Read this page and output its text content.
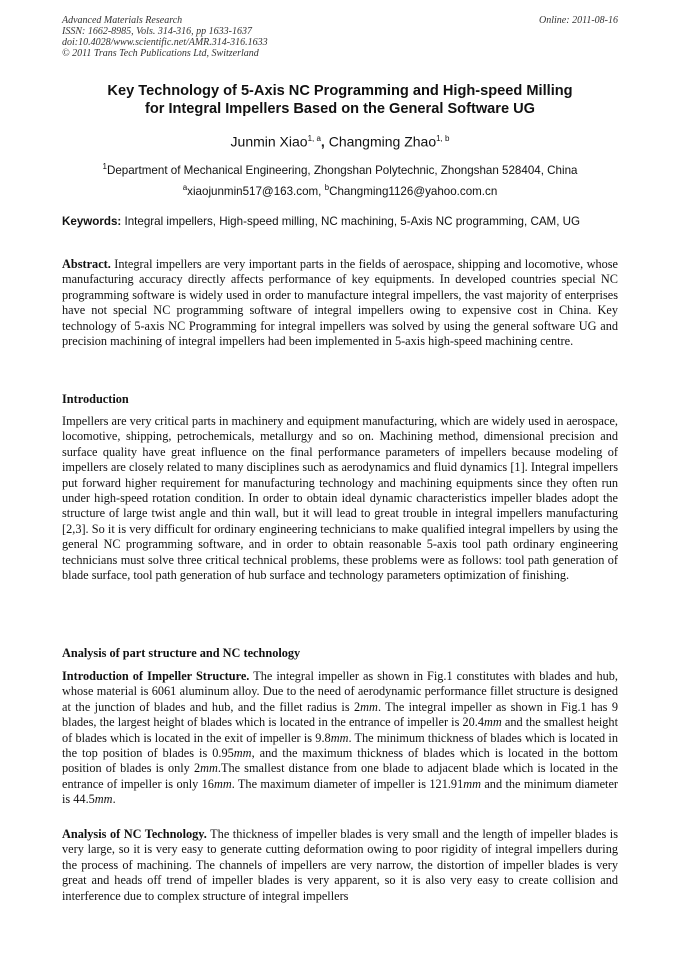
Advanced Materials Research
ISSN: 1662-8985, Vols. 314-316, pp 1633-1637
doi:10.4028/www.scientific.net/AMR.314-316.1633
© 2011 Trans Tech Publications Ltd, Switzerland
Online: 2011-08-16
Key Technology of 5-Axis NC Programming and High-speed Milling
for Integral Impellers Based on the General Software UG
Junmin Xiao$^{1, a}$, Changming Zhao$^{1, b}$
$^1$Department of Mechanical Engineering, Zhongshan Polytechnic, Zhongshan 528404, China
$^a$xiaojunmin517@163.com, $^b$Changming1126@yahoo.com.cn
Keywords: Integral impellers, High-speed milling, NC machining, 5-Axis NC programming, CAM, UG
Abstract. Integral impellers are very important parts in the fields of aerospace, shipping and locomotive, whose manufacturing accuracy directly affects performance of key equipments. In developed countries special NC programming software is widely used in order to manufacture integral impellers, the vast majority of enterprises have not special NC programming software of integral impellers owing to expensive cost in China. Key technology of 5-axis NC Programming for integral impellers was solved by using the general software UG and precision machining of integral impellers had been implemented in 5-axis high-speed machining centre.
Introduction
Impellers are very critical parts in machinery and equipment manufacturing, which are widely used in aerospace, locomotive, shipping, petrochemicals, metallurgy and so on. Machining method, dimensional precision and surface quality have great influence on the final performance parameters of impellers because modeling of impellers are closely related to many disciplines such as aerodynamics and fluid dynamics [1]. Integral impellers put forward higher requirement for manufacturing technology and machining equipments since they often run under high-speed rotation condition. In order to obtain ideal dynamic characteristics impeller blades adopt the structure of large twist angle and thin wall, but it will lead to great trouble in integral impellers manufacturing [2,3]. So it is very difficult for ordinary engineering technicians to make qualified integral impellers by using the general NC programming software, and in order to obtain reasonable 5-axis tool path ordinary engineering technicians must solve three critical technical problems, these problems were as follows: tool path generation of blade surface, tool path generation of hub surface and technology parameters optimization of finishing.
Analysis of part structure and NC technology
Introduction of Impeller Structure. The integral impeller as shown in Fig.1 constitutes with blades and hub, whose material is 6061 aluminum alloy. Due to the need of aerodynamic performance fillet structure is designed at the junction of blades and hub, and the fillet radius is 2mm. The integral impeller as shown in Fig.1 has 9 blades, the largest height of blades which is located in the entrance of impeller is 20.4mm and the smallest height of blades which is located in the exit of impeller is 9.8mm. The minimum thickness of blades which is located in the top position of blades is 0.95mm, and the maximum thickness of blades which is located in the bottom position of blades is only 2mm.The smallest distance from one blade to adjacent blade which is located in the entrance of impeller is only 16mm. The maximum diameter of impeller is 121.91mm and the minimum diameter is 44.5mm.
Analysis of NC Technology. The thickness of impeller blades is very small and the length of impeller blades is very large, so it is very easy to generate cutting deformation owing to poor rigidity of integral impellers during the process of machining. The channels of impellers are very narrow, the distortion of impeller blades is very great and heads off trend of impeller blades is very apparent, so it is also very easy to create collision and interference due to complex structure of integral impellers
